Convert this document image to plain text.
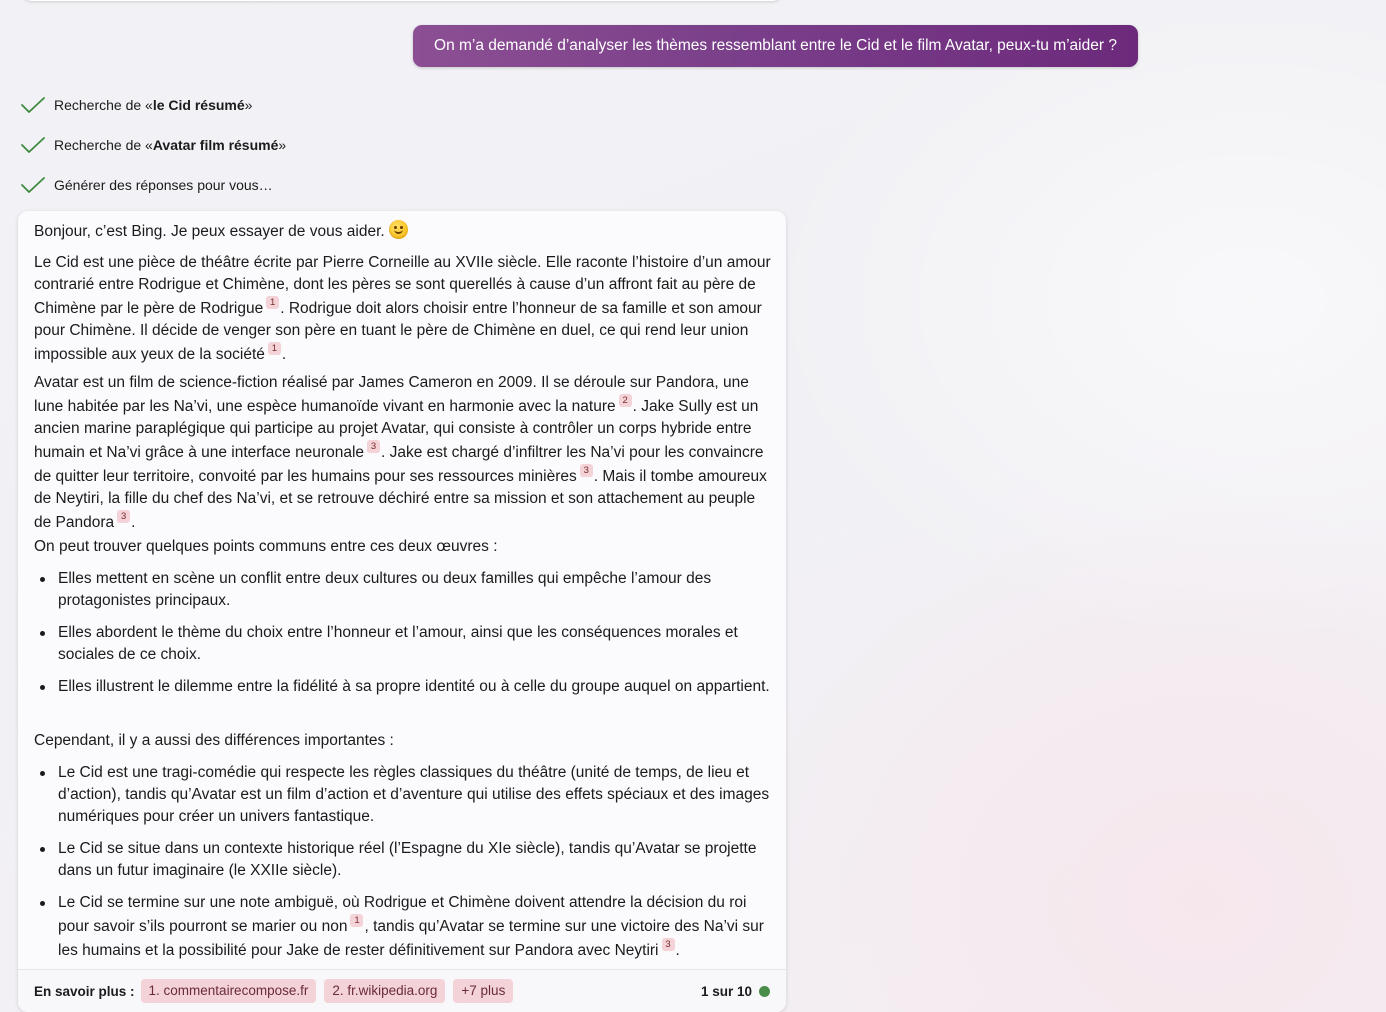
On m’a demandé d’analyser les thèmes ressemblant entre le Cid et le film Avatar, peux-tu m’aider ?
Recherche de «le Cid résumé»
Recherche de «Avatar film résumé»
Générer des réponses pour vous…

Bonjour, c’est Bing. Je peux essayer de vous aider.

Le Cid est une pièce de théâtre écrite par Pierre Corneille au XVIIe siècle. Elle raconte l’histoire d’un amour contrarié entre Rodrigue et Chimène, dont les pères se sont querellés à cause d’un affront fait au père de Chimène par le père de Rodrigue 1 . Rodrigue doit alors choisir entre l’honneur de sa famille et son amour pour Chimène. Il décide de venger son père en tuant le père de Chimène en duel, ce qui rend leur union impossible aux yeux de la société 1 .

Avatar est un film de science-fiction réalisé par James Cameron en 2009. Il se déroule sur Pandora, une lune habitée par les Na’vi, une espèce humanoïde vivant en harmonie avec la nature 2 . Jake Sully est un ancien marine paraplégique qui participe au projet Avatar, qui consiste à contrôler un corps hybride entre humain et Na’vi grâce à une interface neuronale 3 . Jake est chargé d’infiltrer les Na’vi pour les convaincre de quitter leur territoire, convoité par les humains pour ses ressources minières 3 . Mais il tombe amoureux de Neytiri, la fille du chef des Na’vi, et se retrouve déchiré entre sa mission et son attachement au peuple de Pandora 3 .

On peut trouver quelques points communs entre ces deux œuvres :

Elles mettent en scène un conflit entre deux cultures ou deux familles qui empêche l’amour des protagonistes principaux.
Elles abordent le thème du choix entre l’honneur et l’amour, ainsi que les conséquences morales et sociales de ce choix.
Elles illustrent le dilemme entre la fidélité à sa propre identité ou à celle du groupe auquel on appartient.

Cependant, il y a aussi des différences importantes :

Le Cid est une tragi-comédie qui respecte les règles classiques du théâtre (unité de temps, de lieu et d’action), tandis qu’Avatar est un film d’action et d’aventure qui utilise des effets spéciaux et des images numériques pour créer un univers fantastique.
Le Cid se situe dans un contexte historique réel (l’Espagne du XIe siècle), tandis qu’Avatar se projette dans un futur imaginaire (le XXIIe siècle).
Le Cid se termine sur une note ambiguë, où Rodrigue et Chimène doivent attendre la décision du roi pour savoir s’ils pourront se marier ou non 1 , tandis qu’Avatar se termine sur une victoire des Na’vi sur les humains et la possibilité pour Jake de rester définitivement sur Pandora avec Neytiri 3 .
En savoir plus :	1. commentairecompose.fr	2. fr.wikipedia.org	+7 plus	1 sur 10
